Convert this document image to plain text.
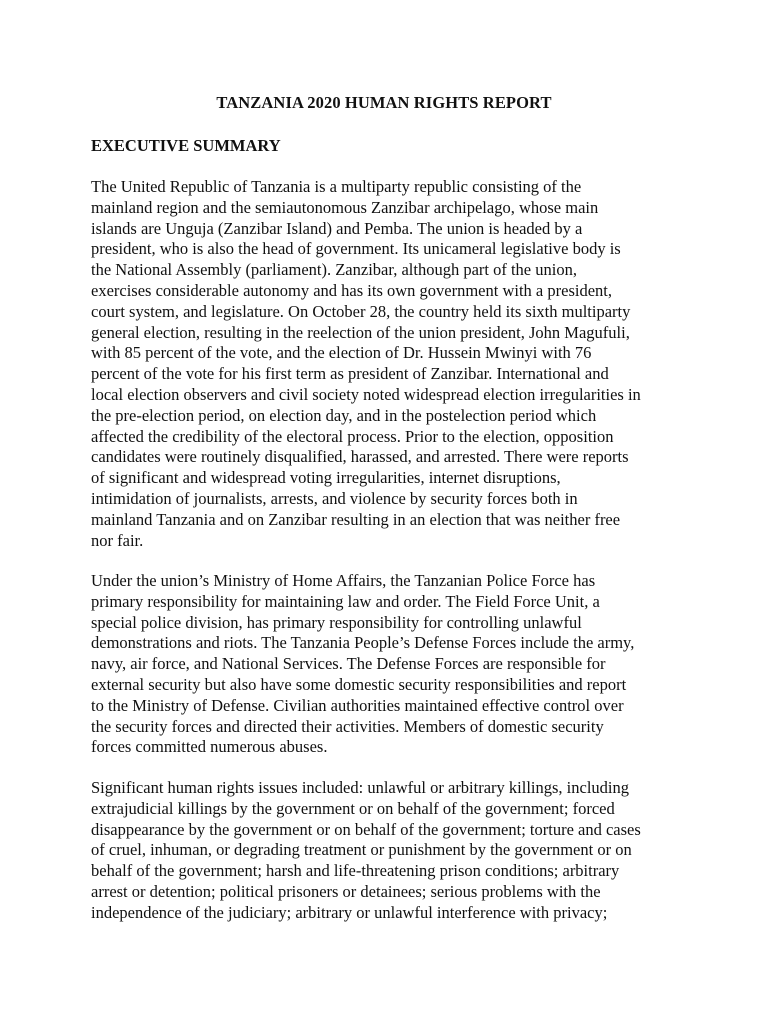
TANZANIA 2020 HUMAN RIGHTS REPORT
EXECUTIVE SUMMARY
The United Republic of Tanzania is a multiparty republic consisting of the
mainland region and the semiautonomous Zanzibar archipelago, whose main
islands are Unguja (Zanzibar Island) and Pemba. The union is headed by a
president, who is also the head of government. Its unicameral legislative body is
the National Assembly (parliament). Zanzibar, although part of the union,
exercises considerable autonomy and has its own government with a president,
court system, and legislature. On October 28, the country held its sixth multiparty
general election, resulting in the reelection of the union president, John Magufuli,
with 85 percent of the vote, and the election of Dr. Hussein Mwinyi with 76
percent of the vote for his first term as president of Zanzibar. International and
local election observers and civil society noted widespread election irregularities in
the pre-election period, on election day, and in the postelection period which
affected the credibility of the electoral process. Prior to the election, opposition
candidates were routinely disqualified, harassed, and arrested. There were reports
of significant and widespread voting irregularities, internet disruptions,
intimidation of journalists, arrests, and violence by security forces both in
mainland Tanzania and on Zanzibar resulting in an election that was neither free
nor fair.
Under the union’s Ministry of Home Affairs, the Tanzanian Police Force has
primary responsibility for maintaining law and order. The Field Force Unit, a
special police division, has primary responsibility for controlling unlawful
demonstrations and riots. The Tanzania People’s Defense Forces include the army,
navy, air force, and National Services. The Defense Forces are responsible for
external security but also have some domestic security responsibilities and report
to the Ministry of Defense. Civilian authorities maintained effective control over
the security forces and directed their activities. Members of domestic security
forces committed numerous abuses.
Significant human rights issues included: unlawful or arbitrary killings, including
extrajudicial killings by the government or on behalf of the government; forced
disappearance by the government or on behalf of the government; torture and cases
of cruel, inhuman, or degrading treatment or punishment by the government or on
behalf of the government; harsh and life-threatening prison conditions; arbitrary
arrest or detention; political prisoners or detainees; serious problems with the
independence of the judiciary; arbitrary or unlawful interference with privacy;
